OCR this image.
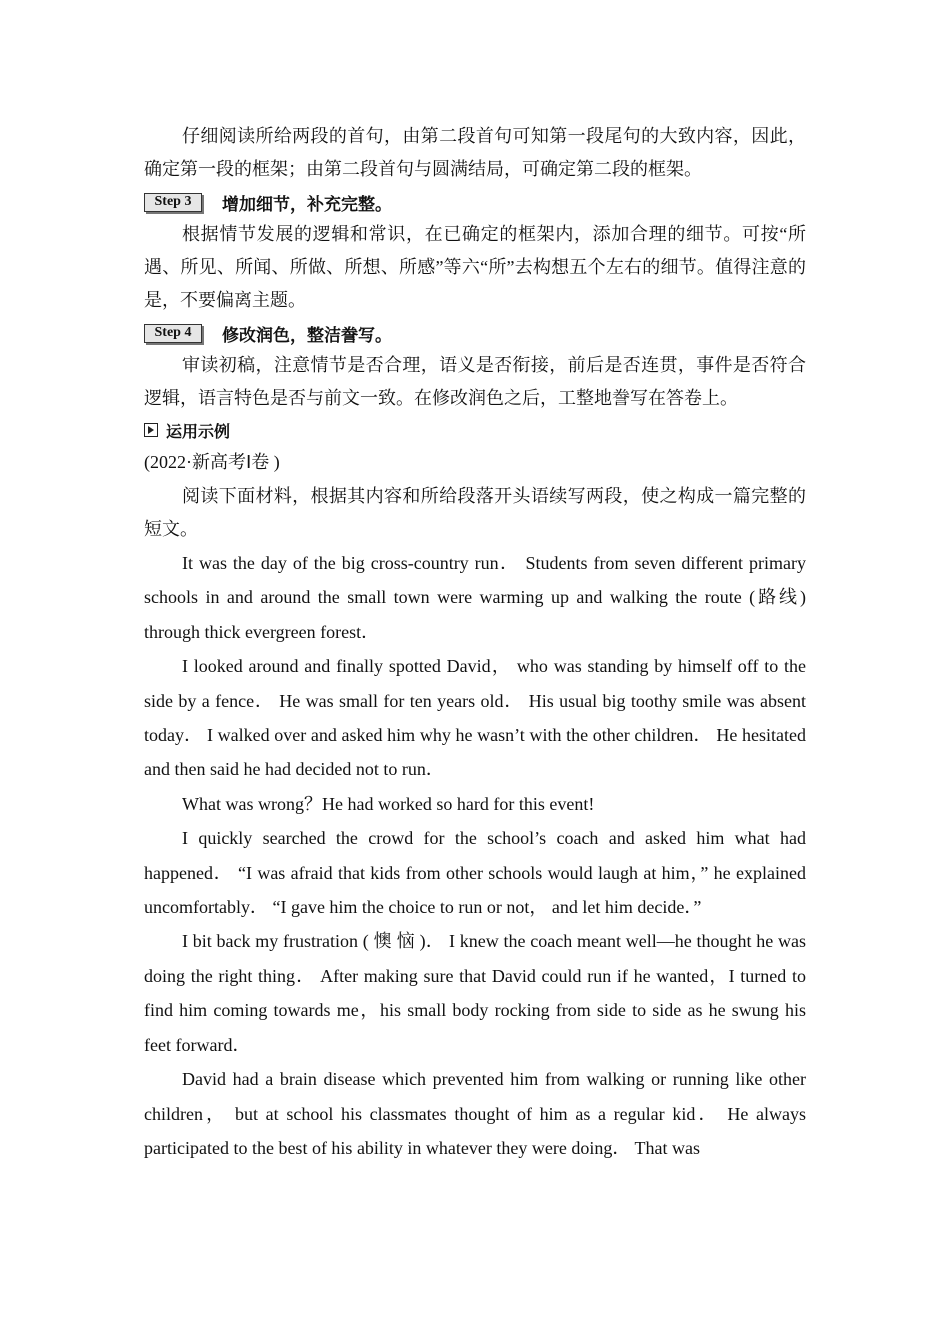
仔细阅读所给两段的首句，由第二段首句可知第一段尾句的大致内容，因此，确定第一段的框架；由第二段首句与圆满结局，可确定第二段的框架。

Step 3	增加细节，补充完整。

根据情节发展的逻辑和常识，在已确定的框架内，添加合理的细节。可按“所遇、所见、所闻、所做、所想、所感”等六“所”去构想五个左右的细节。值得注意的是，不要偏离主题。

Step 4	修改润色，整洁誊写。

审读初稿，注意情节是否合理，语义是否衔接，前后是否连贯，事件是否符合逻辑，语言特色是否与前文一致。在修改润色之后，工整地誊写在答卷上。

运用示例

(2022·新高考Ⅰ卷 )

阅读下面材料，根据其内容和所给段落开头语续写两段，使之构成一篇完整的短文。

It was the day of the big cross-country run． Students from seven different primary schools in and around the small town were warming up and walking the route (路线) through thick evergreen forest．

I looked around and finally spotted David， who was standing by himself off to the side by a fence． He was small for ten years old． His usual big toothy smile was absent today． I walked over and asked him why he wasn’t with the other children． He hesitated and then said he had decided not to run．

What was wrong？He had worked so hard for this event!

I quickly searched the crowd for the school’s coach and asked him what had happened． “I was afraid that kids from other schools would laugh at him，” he explained uncomfortably． “I gave him the choice to run or not， and let him decide．”

I bit back my frustration ( 懊 恼 )． I knew the coach meant well—he thought he was doing the right thing． After making sure that David could run if he wanted，I turned to find him coming towards me，his small body rocking from side to side as he swung his feet forward．

David had a brain disease which prevented him from walking or running like other children， but at school his classmates thought of him as a regular kid． He always participated to the best of his ability in whatever they were doing． That was
